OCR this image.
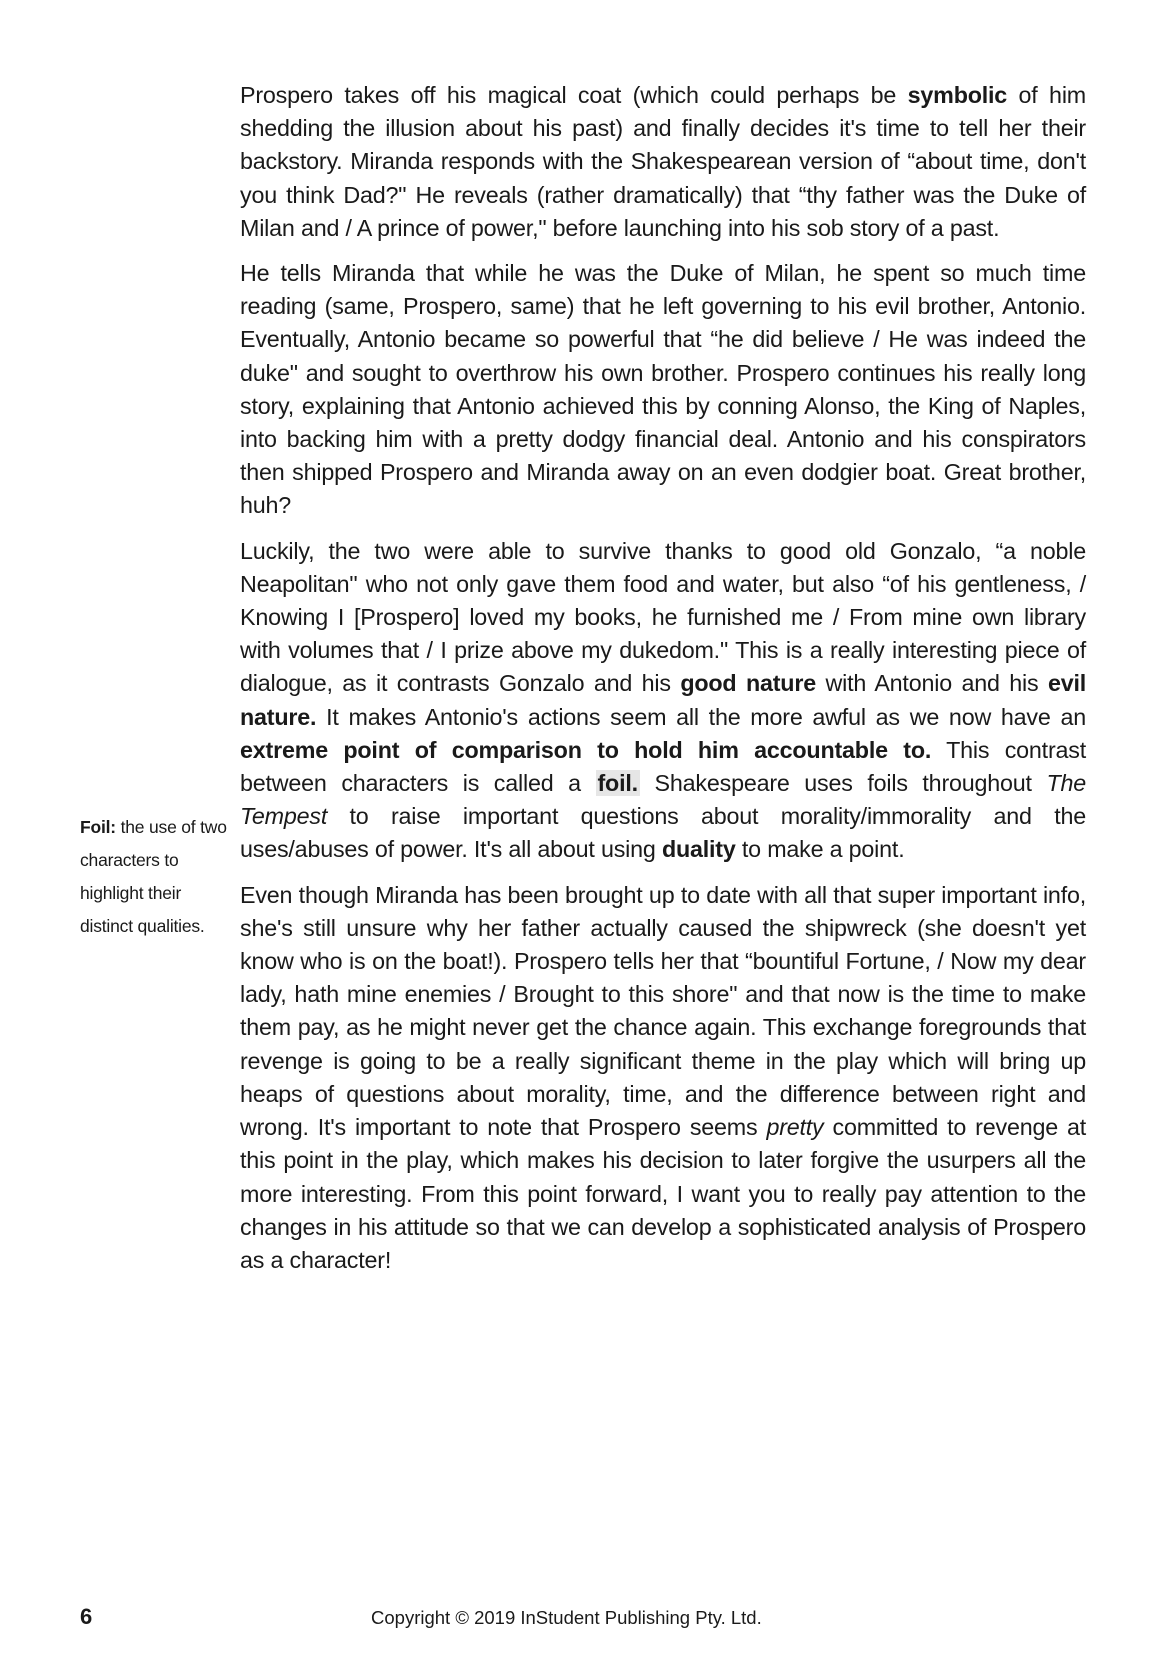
Prospero takes off his magical coat (which could perhaps be symbolic of him shedding the illusion about his past) and finally decides it's time to tell her their backstory. Miranda responds with the Shakespearean version of “about time, don't you think Dad?" He reveals (rather dramatically) that “thy father was the Duke of Milan and / A prince of power," before launching into his sob story of a past.

He tells Miranda that while he was the Duke of Milan, he spent so much time reading (same, Prospero, same) that he left governing to his evil brother, Antonio. Eventually, Antonio became so powerful that “he did believe / He was indeed the duke" and sought to overthrow his own brother. Prospero continues his really long story, explaining that Antonio achieved this by conning Alonso, the King of Naples, into backing him with a pretty dodgy financial deal. Antonio and his conspirators then shipped Prospero and Miranda away on an even dodgier boat. Great brother, huh?

Luckily, the two were able to survive thanks to good old Gonzalo, “a noble Neapolitan" who not only gave them food and water, but also “of his gentleness, / Knowing I [Prospero] loved my books, he furnished me / From mine own library with volumes that / I prize above my dukedom." This is a really interesting piece of dialogue, as it contrasts Gonzalo and his good nature with Antonio and his evil nature. It makes Antonio's actions seem all the more awful as we now have an extreme point of comparison to hold him accountable to. This contrast between characters is called a foil. Shakespeare uses foils throughout The Tempest to raise important questions about morality/immorality and the uses/abuses of power. It's all about using duality to make a point.

Even though Miranda has been brought up to date with all that super important info, she's still unsure why her father actually caused the shipwreck (she doesn't yet know who is on the boat!). Prospero tells her that “bountiful Fortune, / Now my dear lady, hath mine enemies / Brought to this shore" and that now is the time to make them pay, as he might never get the chance again. This exchange foregrounds that revenge is going to be a really significant theme in the play which will bring up heaps of questions about morality, time, and the difference between right and wrong. It's important to note that Prospero seems pretty committed to revenge at this point in the play, which makes his decision to later forgive the usurpers all the more interesting. From this point forward, I want you to really pay attention to the changes in his attitude so that we can develop a sophisticated analysis of Prospero as a character!

Foil: the use of two characters to highlight their distinct qualities.
6	Copyright © 2019 InStudent Publishing Pty. Ltd.
